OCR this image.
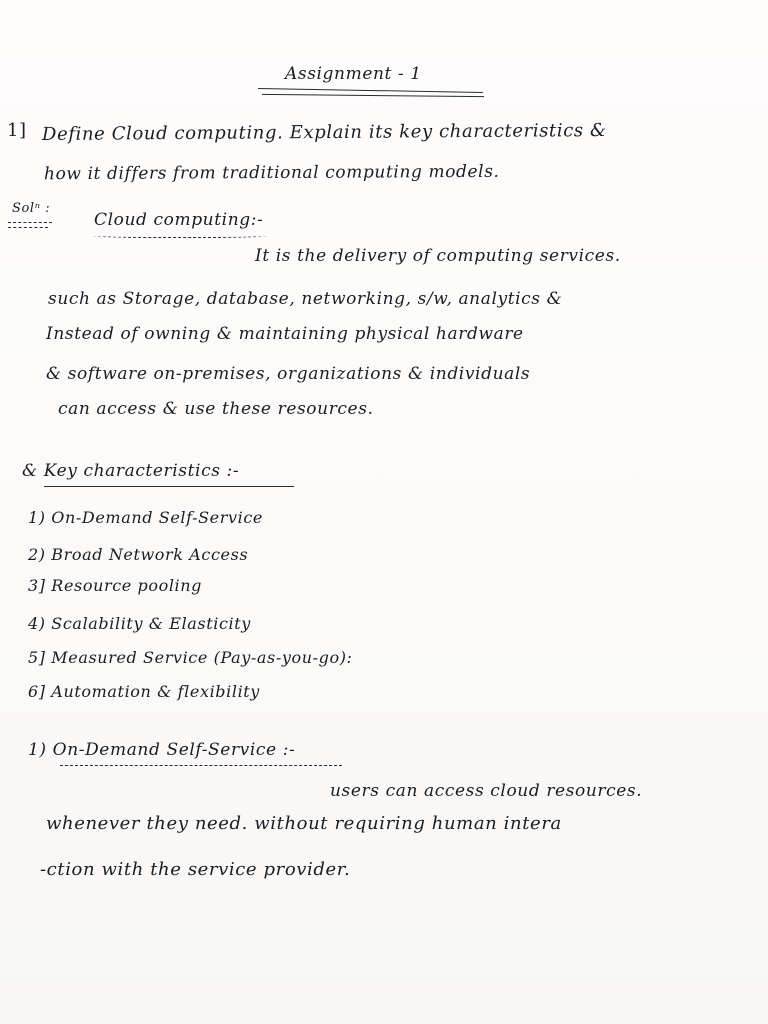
Assignment - 1
1] Define Cloud computing. Explain its key characteristics &
how it differs from traditional computing models.
Solⁿ :
Cloud computing:-
It is the delivery of computing services.
such as Storage, database, networking, s/w, analytics &
Instead of owning & maintaining physical hardware
& software on-premises, organizations & individuals
can access & use these resources.
& Key characteristics :-
1) On-Demand Self-Service
2) Broad Network Access
3] Resource pooling
4) Scalability & Elasticity
5] Measured Service (Pay-as-you-go):
6] Automation & flexibility
1) On-Demand Self-Service :-
users can access cloud resources.
whenever they need. without requiring human intera
-ction with the service provider.
